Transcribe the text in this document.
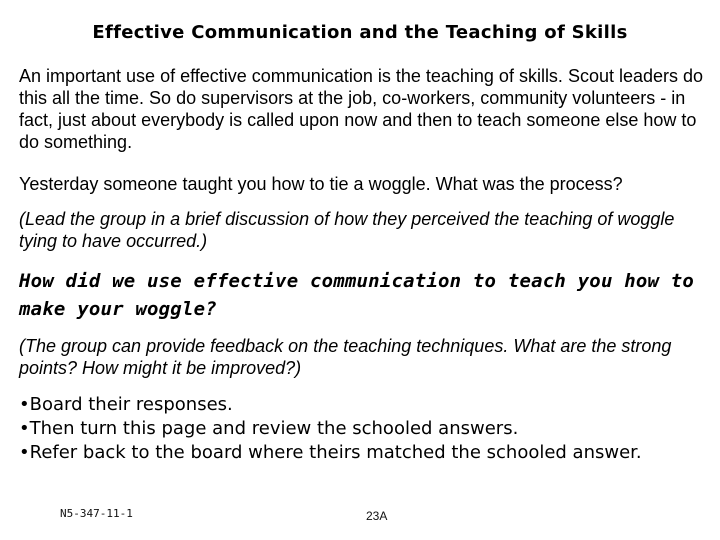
Effective Communication and the Teaching of Skills
An important use of effective communication is the teaching of skills. Scout leaders do this all the time. So do supervisors at the job, co-workers, community volunteers - in fact, just about everybody is called upon now and then to teach someone else how to do something.
Yesterday someone taught you how to tie a woggle. What was the process?
(Lead the group in a brief discussion of how they perceived the teaching of woggle tying to have occurred.)
How did we use effective communication to teach you how to make your woggle?
(The group can provide feedback on the teaching techniques. What are the strong points? How might it be improved?)
•Board their responses.
•Then turn this page and review the schooled answers.
•Refer back to the board where theirs matched the schooled answer.
N5-347-11-1	23A
